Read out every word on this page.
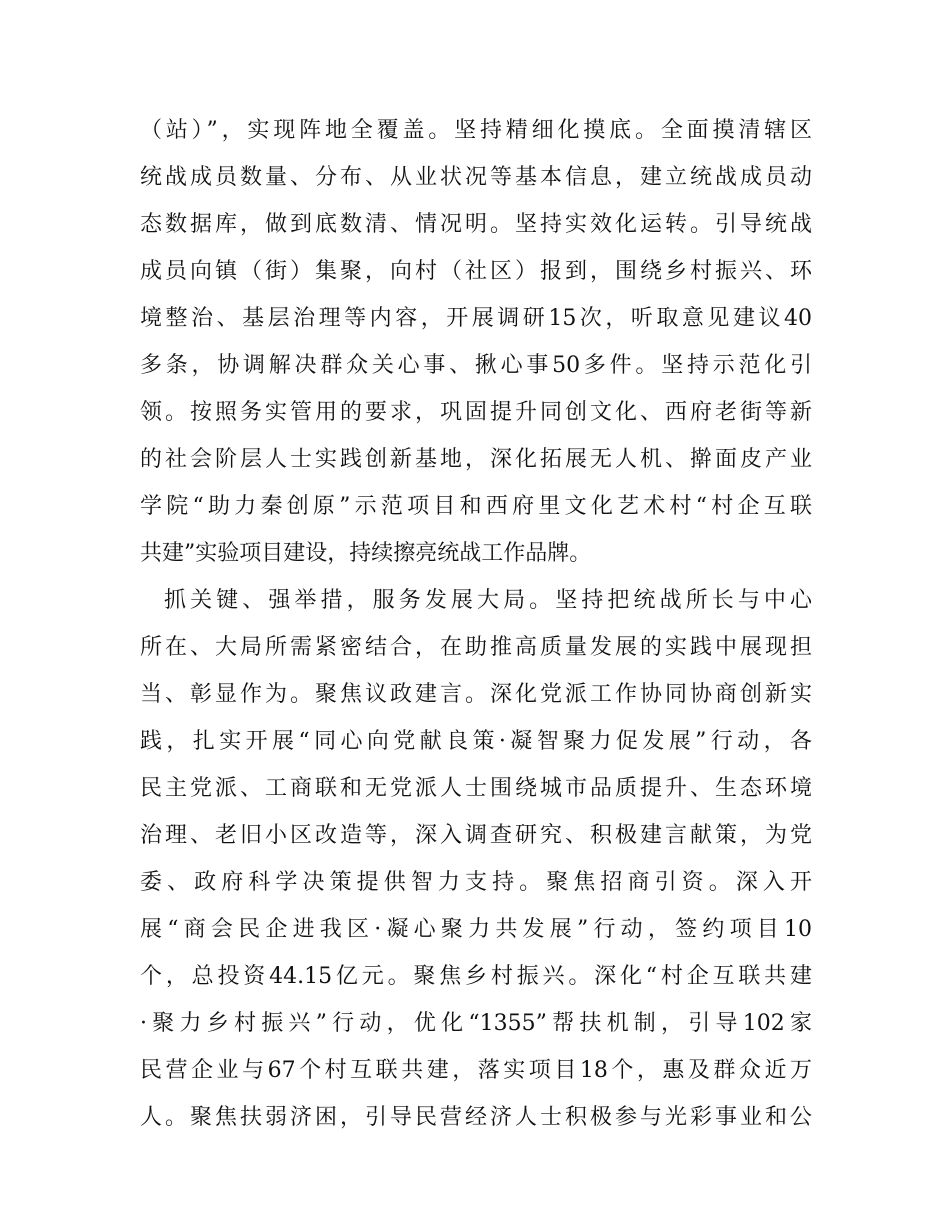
（站）”，实现阵地全覆盖。坚持精细化摸底。全面摸清辖区
统战成员数量、分布、从业状况等基本信息，建立统战成员动
态数据库，做到底数清、情况明。坚持实效化运转。引导统战
成员向镇（街）集聚，向村（社区）报到，围绕乡村振兴、环
境整治、基层治理等内容，开展调研15次，听取意见建议40
多条，协调解决群众关心事、揪心事50多件。坚持示范化引
领。按照务实管用的要求，巩固提升同创文化、西府老街等新
的社会阶层人士实践创新基地，深化拓展无人机、擀面皮产业
学院“助力秦创原”示范项目和西府里文化艺术村“村企互联
共建”实验项目建设，持续擦亮统战工作品牌。
抓关键、强举措，服务发展大局。坚持把统战所长与中心
所在、大局所需紧密结合，在助推高质量发展的实践中展现担
当、彰显作为。聚焦议政建言。深化党派工作协同协商创新实
践，扎实开展“同心向党献良策·凝智聚力促发展”行动，各
民主党派、工商联和无党派人士围绕城市品质提升、生态环境
治理、老旧小区改造等，深入调查研究、积极建言献策，为党
委、政府科学决策提供智力支持。聚焦招商引资。深入开
展“商会民企进我区·凝心聚力共发展”行动，签约项目10
个，总投资44.15亿元。聚焦乡村振兴。深化“村企互联共建
·聚力乡村振兴”行动，优化“1355”帮扶机制，引导102家
民营企业与67个村互联共建，落实项目18个，惠及群众近万
人。聚焦扶弱济困，引导民营经济人士积极参与光彩事业和公
